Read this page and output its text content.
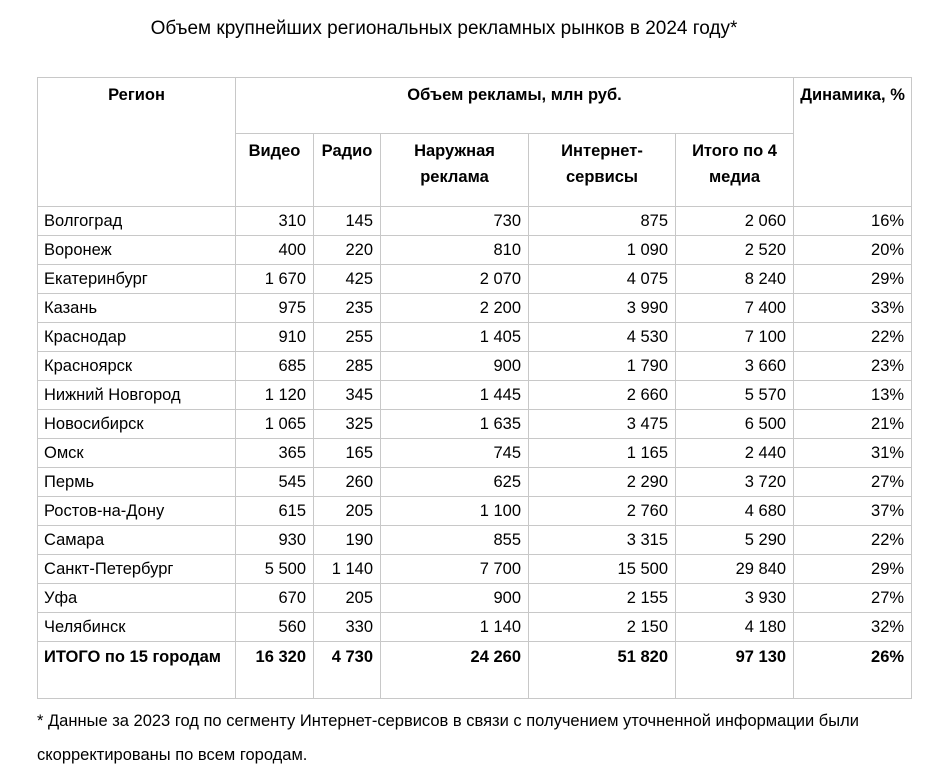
Объем крупнейших региональных рекламных рынков в 2024 году*
Регион	Объем рекламы, млн руб.					Динамика, %
	Видео	Радио	Наружная реклама	Интернет-сервисы	Итого по 4 медиа	
Волгоград	310	145	730	875	2 060	16%
Воронеж	400	220	810	1 090	2 520	20%
Екатеринбург	1 670	425	2 070	4 075	8 240	29%
Казань	975	235	2 200	3 990	7 400	33%
Краснодар	910	255	1 405	4 530	7 100	22%
Красноярск	685	285	900	1 790	3 660	23%
Нижний Новгород	1 120	345	1 445	2 660	5 570	13%
Новосибирск	1 065	325	1 635	3 475	6 500	21%
Омск	365	165	745	1 165	2 440	31%
Пермь	545	260	625	2 290	3 720	27%
Ростов-на-Дону	615	205	1 100	2 760	4 680	37%
Самара	930	190	855	3 315	5 290	22%
Санкт-Петербург	5 500	1 140	7 700	15 500	29 840	29%
Уфа	670	205	900	2 155	3 930	27%
Челябинск	560	330	1 140	2 150	4 180	32%
ИТОГО по 15 городам	16 320	4 730	24 260	51 820	97 130	26%
* Данные за 2023 год по сегменту Интернет-сервисов в связи с получением уточненной информации были скорректированы по всем городам.
